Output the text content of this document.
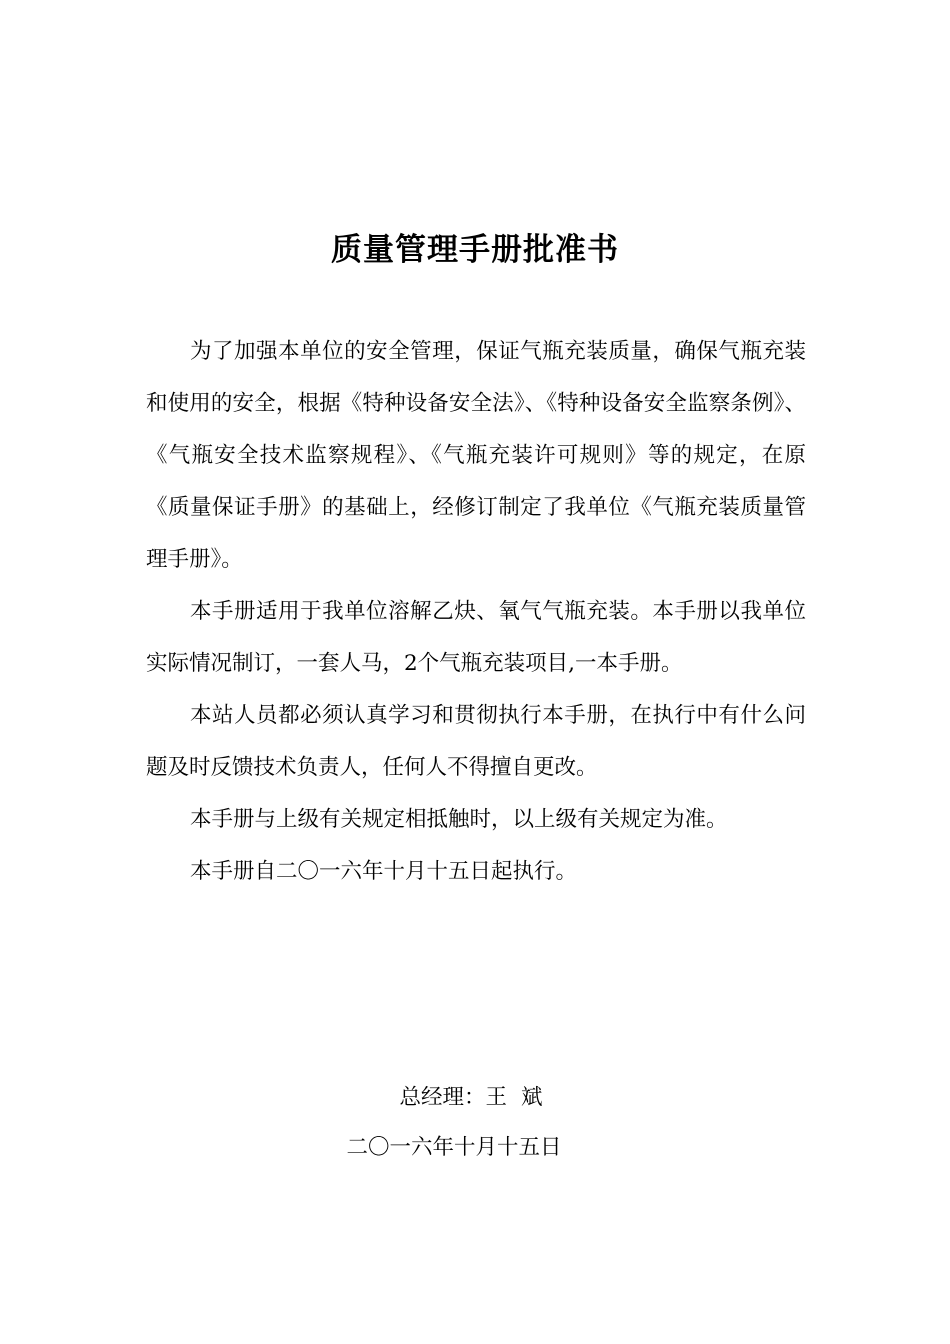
质量管理手册批准书

为了加强本单位的安全管理，保证气瓶充装质量，确保气瓶充装和使用的安全，根据《特种设备安全法》、《特种设备安全监察条例》、《气瓶安全技术监察规程》、《气瓶充装许可规则》等的规定，在原《质量保证手册》的基础上，经修订制定了我单位《气瓶充装质量管理手册》。

本手册适用于我单位溶解乙炔、氧气气瓶充装。本手册以我单位实际情况制订，一套人马，2个气瓶充装项目,一本手册。

本站人员都必须认真学习和贯彻执行本手册，在执行中有什么问题及时反馈技术负责人，任何人不得擅自更改。

本手册与上级有关规定相抵触时，以上级有关规定为准。

本手册自二〇一六年十月十五日起执行。

总经理：王 斌
二〇一六年十月十五日
